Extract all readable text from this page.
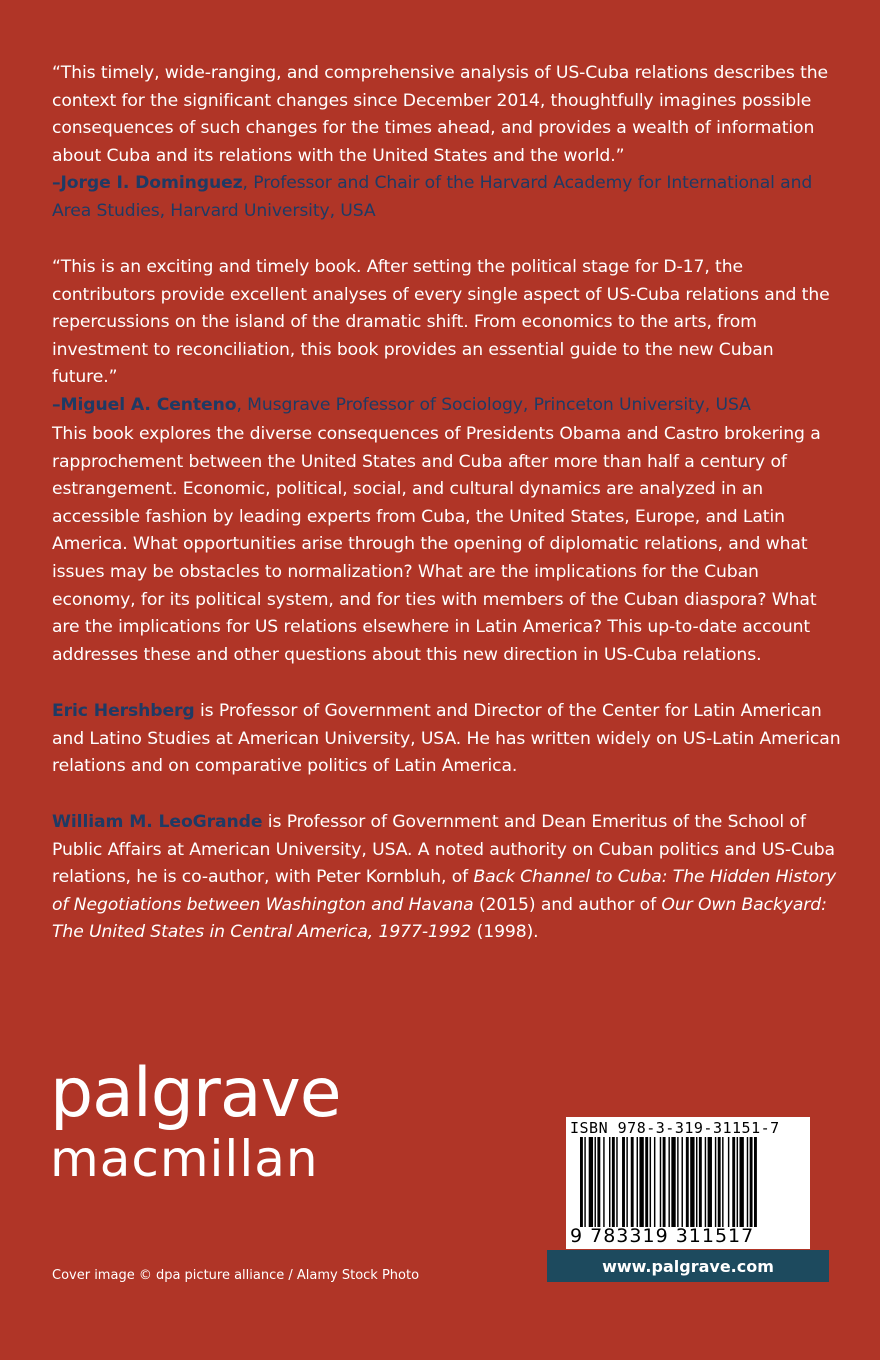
“This timely, wide-ranging, and comprehensive analysis of US-Cuba relations describes the context for the significant changes since December 2014, thoughtfully imagines possible consequences of such changes for the times ahead, and provides a wealth of information about Cuba and its relations with the United States and the world.”
–Jorge I. Dominguez, Professor and Chair of the Harvard Academy for International and Area Studies, Harvard University, USA

“This is an exciting and timely book. After setting the political stage for D-17, the contributors provide excellent analyses of every single aspect of US-Cuba relations and the repercussions on the island of the dramatic shift. From economics to the arts, from investment to reconciliation, this book provides an essential guide to the new Cuban future.”
–Miguel A. Centeno, Musgrave Professor of Sociology, Princeton University, USA

This book explores the diverse consequences of Presidents Obama and Castro brokering a rapprochement between the United States and Cuba after more than half a century of estrangement. Economic, political, social, and cultural dynamics are analyzed in an accessible fashion by leading experts from Cuba, the United States, Europe, and Latin America. What opportunities arise through the opening of diplomatic relations, and what issues may be obstacles to normalization? What are the implications for the Cuban economy, for its political system, and for ties with members of the Cuban diaspora? What are the implications for US relations elsewhere in Latin America? This up-to-date account addresses these and other questions about this new direction in US-Cuba relations.

Eric Hershberg is Professor of Government and Director of the Center for Latin American and Latino Studies at American University, USA. He has written widely on US-Latin American relations and on comparative politics of Latin America.

William M. LeoGrande is Professor of Government and Dean Emeritus of the School of Public Affairs at American University, USA. A noted authority on Cuban politics and US-Cuba relations, he is co-author, with Peter Kornbluh, of Back Channel to Cuba: The Hidden History of Negotiations between Washington and Havana (2015) and author of Our Own Backyard: The United States in Central America, 1977-1992 (1998).

palgrave
macmillan
Cover image © dpa picture alliance / Alamy Stock Photo
ISBN 978-3-319-31151-7
9 783319 311517
www.palgrave.com
